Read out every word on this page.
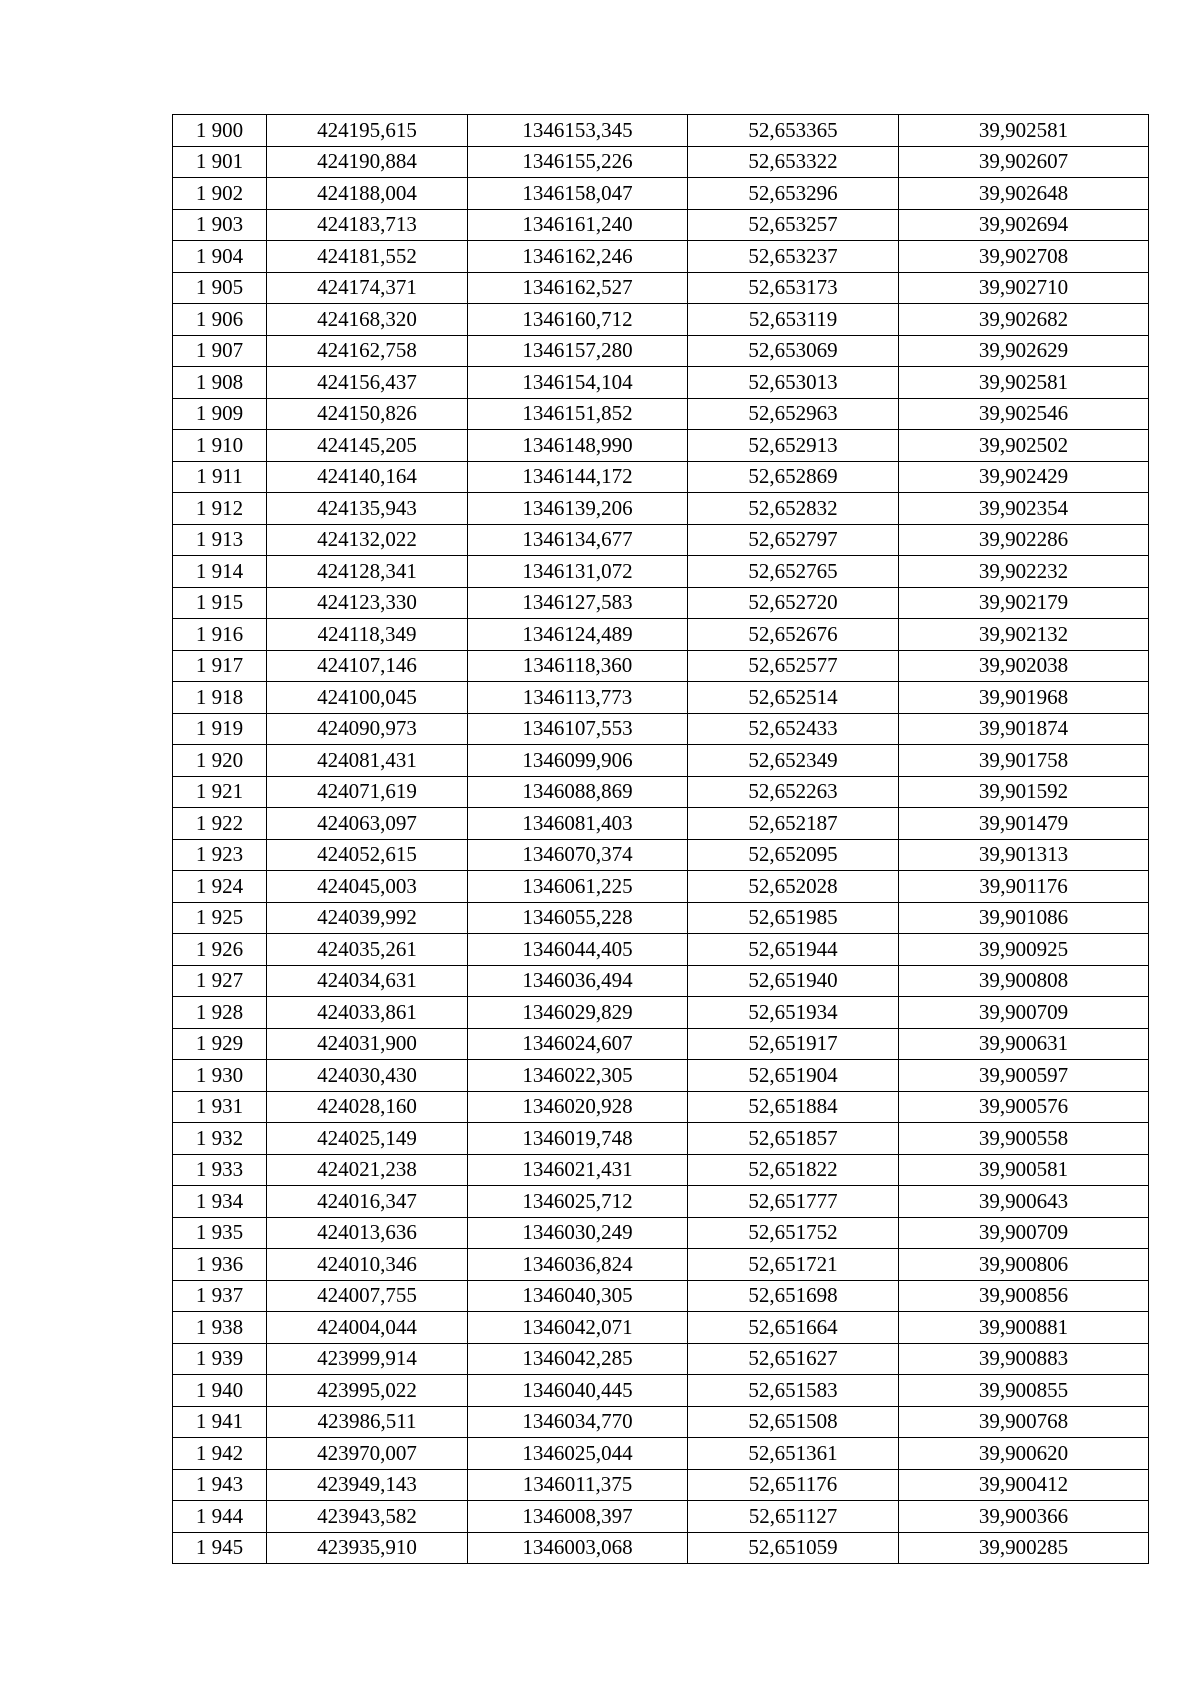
1 900	424195,615	1346153,345	52,653365	39,902581
1 901	424190,884	1346155,226	52,653322	39,902607
1 902	424188,004	1346158,047	52,653296	39,902648
1 903	424183,713	1346161,240	52,653257	39,902694
1 904	424181,552	1346162,246	52,653237	39,902708
1 905	424174,371	1346162,527	52,653173	39,902710
1 906	424168,320	1346160,712	52,653119	39,902682
1 907	424162,758	1346157,280	52,653069	39,902629
1 908	424156,437	1346154,104	52,653013	39,902581
1 909	424150,826	1346151,852	52,652963	39,902546
1 910	424145,205	1346148,990	52,652913	39,902502
1 911	424140,164	1346144,172	52,652869	39,902429
1 912	424135,943	1346139,206	52,652832	39,902354
1 913	424132,022	1346134,677	52,652797	39,902286
1 914	424128,341	1346131,072	52,652765	39,902232
1 915	424123,330	1346127,583	52,652720	39,902179
1 916	424118,349	1346124,489	52,652676	39,902132
1 917	424107,146	1346118,360	52,652577	39,902038
1 918	424100,045	1346113,773	52,652514	39,901968
1 919	424090,973	1346107,553	52,652433	39,901874
1 920	424081,431	1346099,906	52,652349	39,901758
1 921	424071,619	1346088,869	52,652263	39,901592
1 922	424063,097	1346081,403	52,652187	39,901479
1 923	424052,615	1346070,374	52,652095	39,901313
1 924	424045,003	1346061,225	52,652028	39,901176
1 925	424039,992	1346055,228	52,651985	39,901086
1 926	424035,261	1346044,405	52,651944	39,900925
1 927	424034,631	1346036,494	52,651940	39,900808
1 928	424033,861	1346029,829	52,651934	39,900709
1 929	424031,900	1346024,607	52,651917	39,900631
1 930	424030,430	1346022,305	52,651904	39,900597
1 931	424028,160	1346020,928	52,651884	39,900576
1 932	424025,149	1346019,748	52,651857	39,900558
1 933	424021,238	1346021,431	52,651822	39,900581
1 934	424016,347	1346025,712	52,651777	39,900643
1 935	424013,636	1346030,249	52,651752	39,900709
1 936	424010,346	1346036,824	52,651721	39,900806
1 937	424007,755	1346040,305	52,651698	39,900856
1 938	424004,044	1346042,071	52,651664	39,900881
1 939	423999,914	1346042,285	52,651627	39,900883
1 940	423995,022	1346040,445	52,651583	39,900855
1 941	423986,511	1346034,770	52,651508	39,900768
1 942	423970,007	1346025,044	52,651361	39,900620
1 943	423949,143	1346011,375	52,651176	39,900412
1 944	423943,582	1346008,397	52,651127	39,900366
1 945	423935,910	1346003,068	52,651059	39,900285
